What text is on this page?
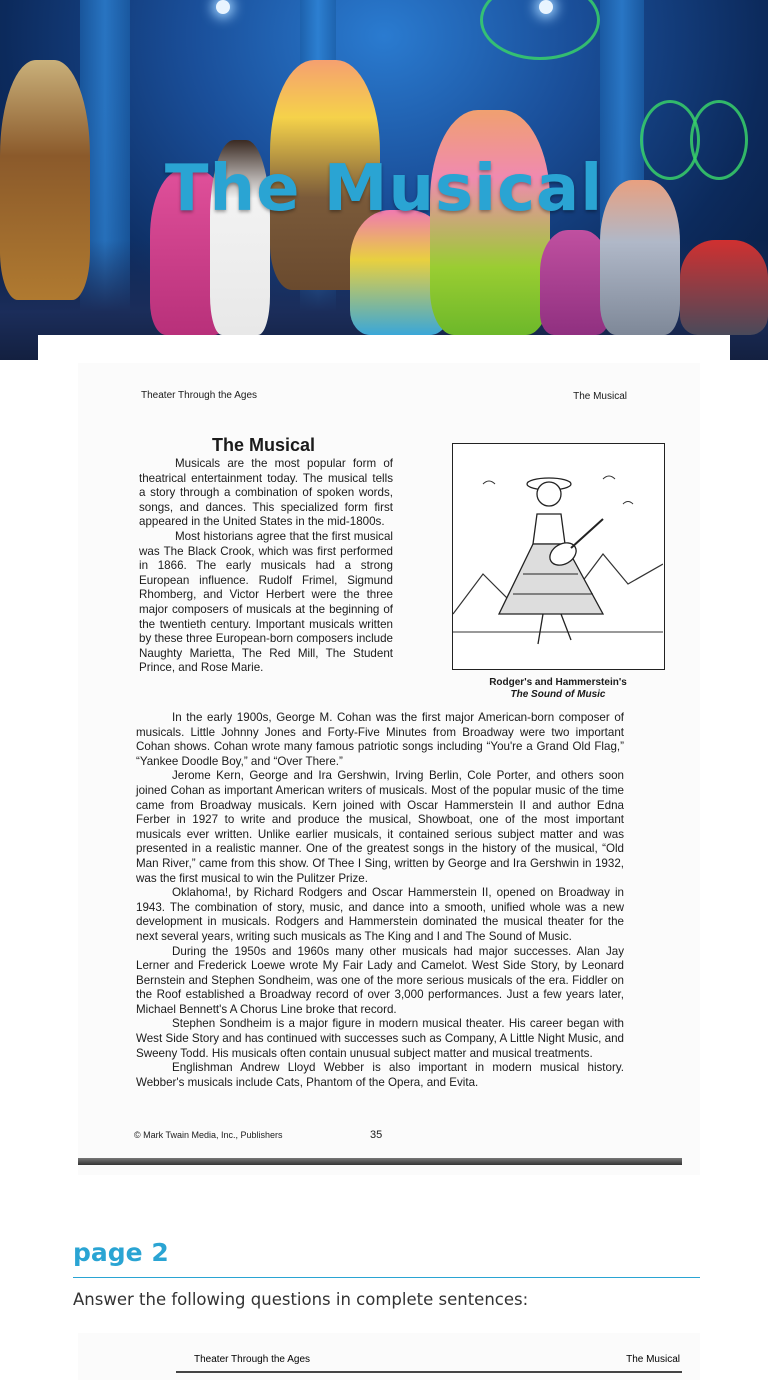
The Musical
Theater Through the Ages	The Musical
The Musical

Musicals are the most popular form of theatrical entertainment today. The musical tells a story through a combination of spoken words, songs, and dances. This specialized form first appeared in the United States in the mid-1800s.

Most historians agree that the first musical was The Black Crook, which was first performed in 1866. The early musicals had a strong European influence. Rudolf Frimel, Sigmund Rhomberg, and Victor Herbert were the three major composers of musicals at the beginning of the twentieth century. Important musicals written by these three European-born composers include Naughty Marietta, The Red Mill, The Student Prince, and Rose Marie.

Rodger's and Hammerstein's
The Sound of Music

In the early 1900s, George M. Cohan was the first major American-born composer of musicals. Little Johnny Jones and Forty-Five Minutes from Broadway were two important Cohan shows. Cohan wrote many famous patriotic songs including “You're a Grand Old Flag,” “Yankee Doodle Boy,” and “Over There.”

Jerome Kern, George and Ira Gershwin, Irving Berlin, Cole Porter, and others soon joined Cohan as important American writers of musicals. Most of the popular music of the time came from Broadway musicals. Kern joined with Oscar Hammerstein II and author Edna Ferber in 1927 to write and produce the musical, Showboat, one of the most important musicals ever written. Unlike earlier musicals, it contained serious subject matter and was presented in a realistic manner. One of the greatest songs in the history of the musical, “Old Man River,” came from this show. Of Thee I Sing, written by George and Ira Gershwin in 1932, was the first musical to win the Pulitzer Prize.

Oklahoma!, by Richard Rodgers and Oscar Hammerstein II, opened on Broadway in 1943. The combination of story, music, and dance into a smooth, unified whole was a new development in musicals. Rodgers and Hammerstein dominated the musical theater for the next several years, writing such musicals as The King and I and The Sound of Music.

During the 1950s and 1960s many other musicals had major successes. Alan Jay Lerner and Frederick Loewe wrote My Fair Lady and Camelot. West Side Story, by Leonard Bernstein and Stephen Sondheim, was one of the more serious musicals of the era. Fiddler on the Roof established a Broadway record of over 3,000 performances. Just a few years later, Michael Bennett's A Chorus Line broke that record.

Stephen Sondheim is a major figure in modern musical theater. His career began with West Side Story and has continued with successes such as Company, A Little Night Music, and Sweeny Todd. His musicals often contain unusual subject matter and musical treatments.

Englishman Andrew Lloyd Webber is also important in modern musical history. Webber's musicals include Cats, Phantom of the Opera, and Evita.

© Mark Twain Media, Inc., Publishers	35
page 2
Answer the following questions in complete sentences:
Theater Through the Ages	The Musical
